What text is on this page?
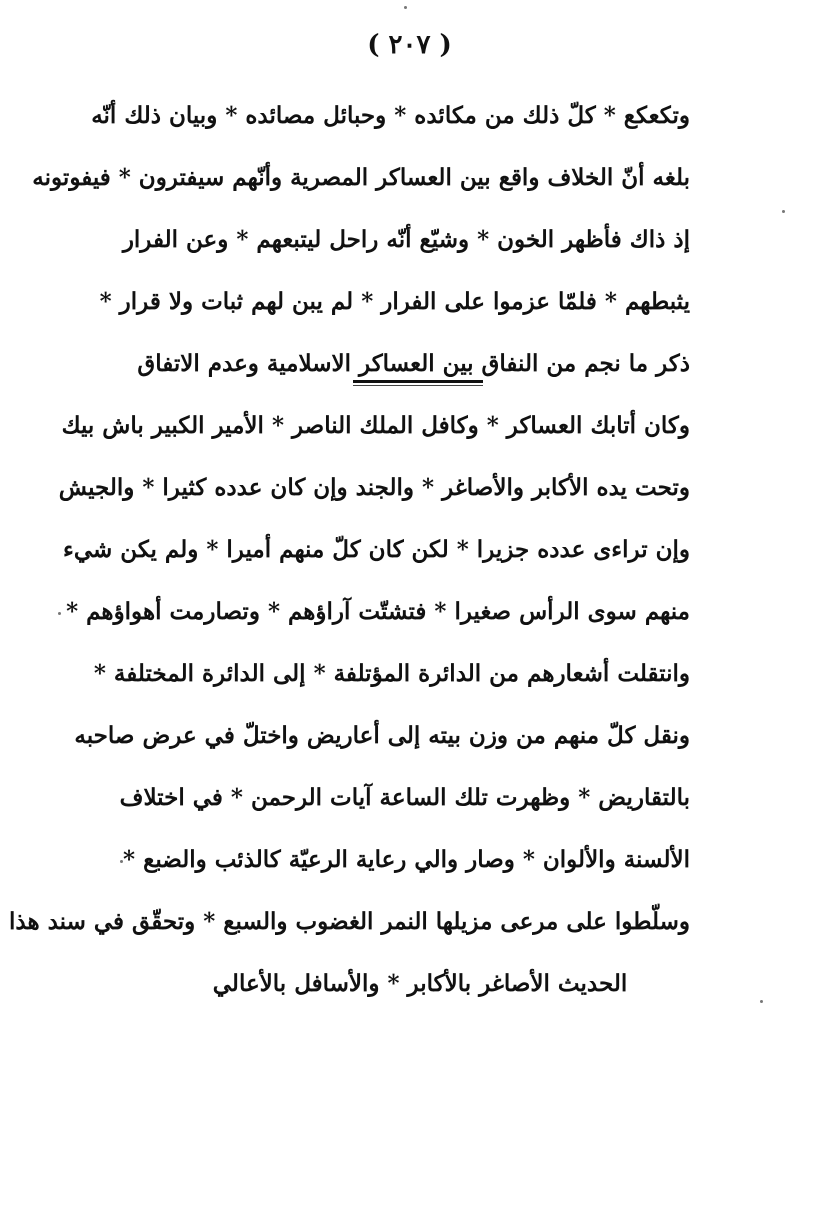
( ٢٠٧ )
وتكعكع * كلّ ذلك من مكائده * وحبائل مصائده * وبيان ذلك أنّه
بلغه أنّ الخلاف واقع بين العساكر المصرية وأنّهم سيفترون * فيفوتونه
إذ ذاك فأظهر الخون * وشيّع أنّه راحل ليتبعهم * وعن الفرار
يثبطهم * فلمّا عزموا على الفرار * لم يبن لهم ثبات ولا قرار *
ذكر ما نجم من النفاق بين العساكر الاسلامية وعدم الاتفاق
وكان أتابك العساكر * وكافل الملك الناصر * الأمير الكبير باش بيك
وتحت يده الأكابر والأصاغر * والجند وإن كان عدده كثيرا * والجيش
وإن تراءى عدده جزيرا * لكن كان كلّ منهم أميرا * ولم يكن شيء
منهم سوى الرأس صغيرا * فتشتّت آراؤهم * وتصارمت أهواؤهم *
وانتقلت أشعارهم من الدائرة المؤتلفة * إلى الدائرة المختلفة *
ونقل كلّ منهم من وزن بيته إلى أعاريض واختلّ في عرض صاحبه
بالتقاريض * وظهرت تلك الساعة آيات الرحمن * في اختلاف
الألسنة والألوان * وصار والي رعاية الرعيّة كالذئب والضبع *
وسلّطوا على مرعى مزيلها النمر الغضوب والسبع * وتحقّق في سند هذا
الحديث الأصاغر بالأكابر * والأسافل بالأعالي
